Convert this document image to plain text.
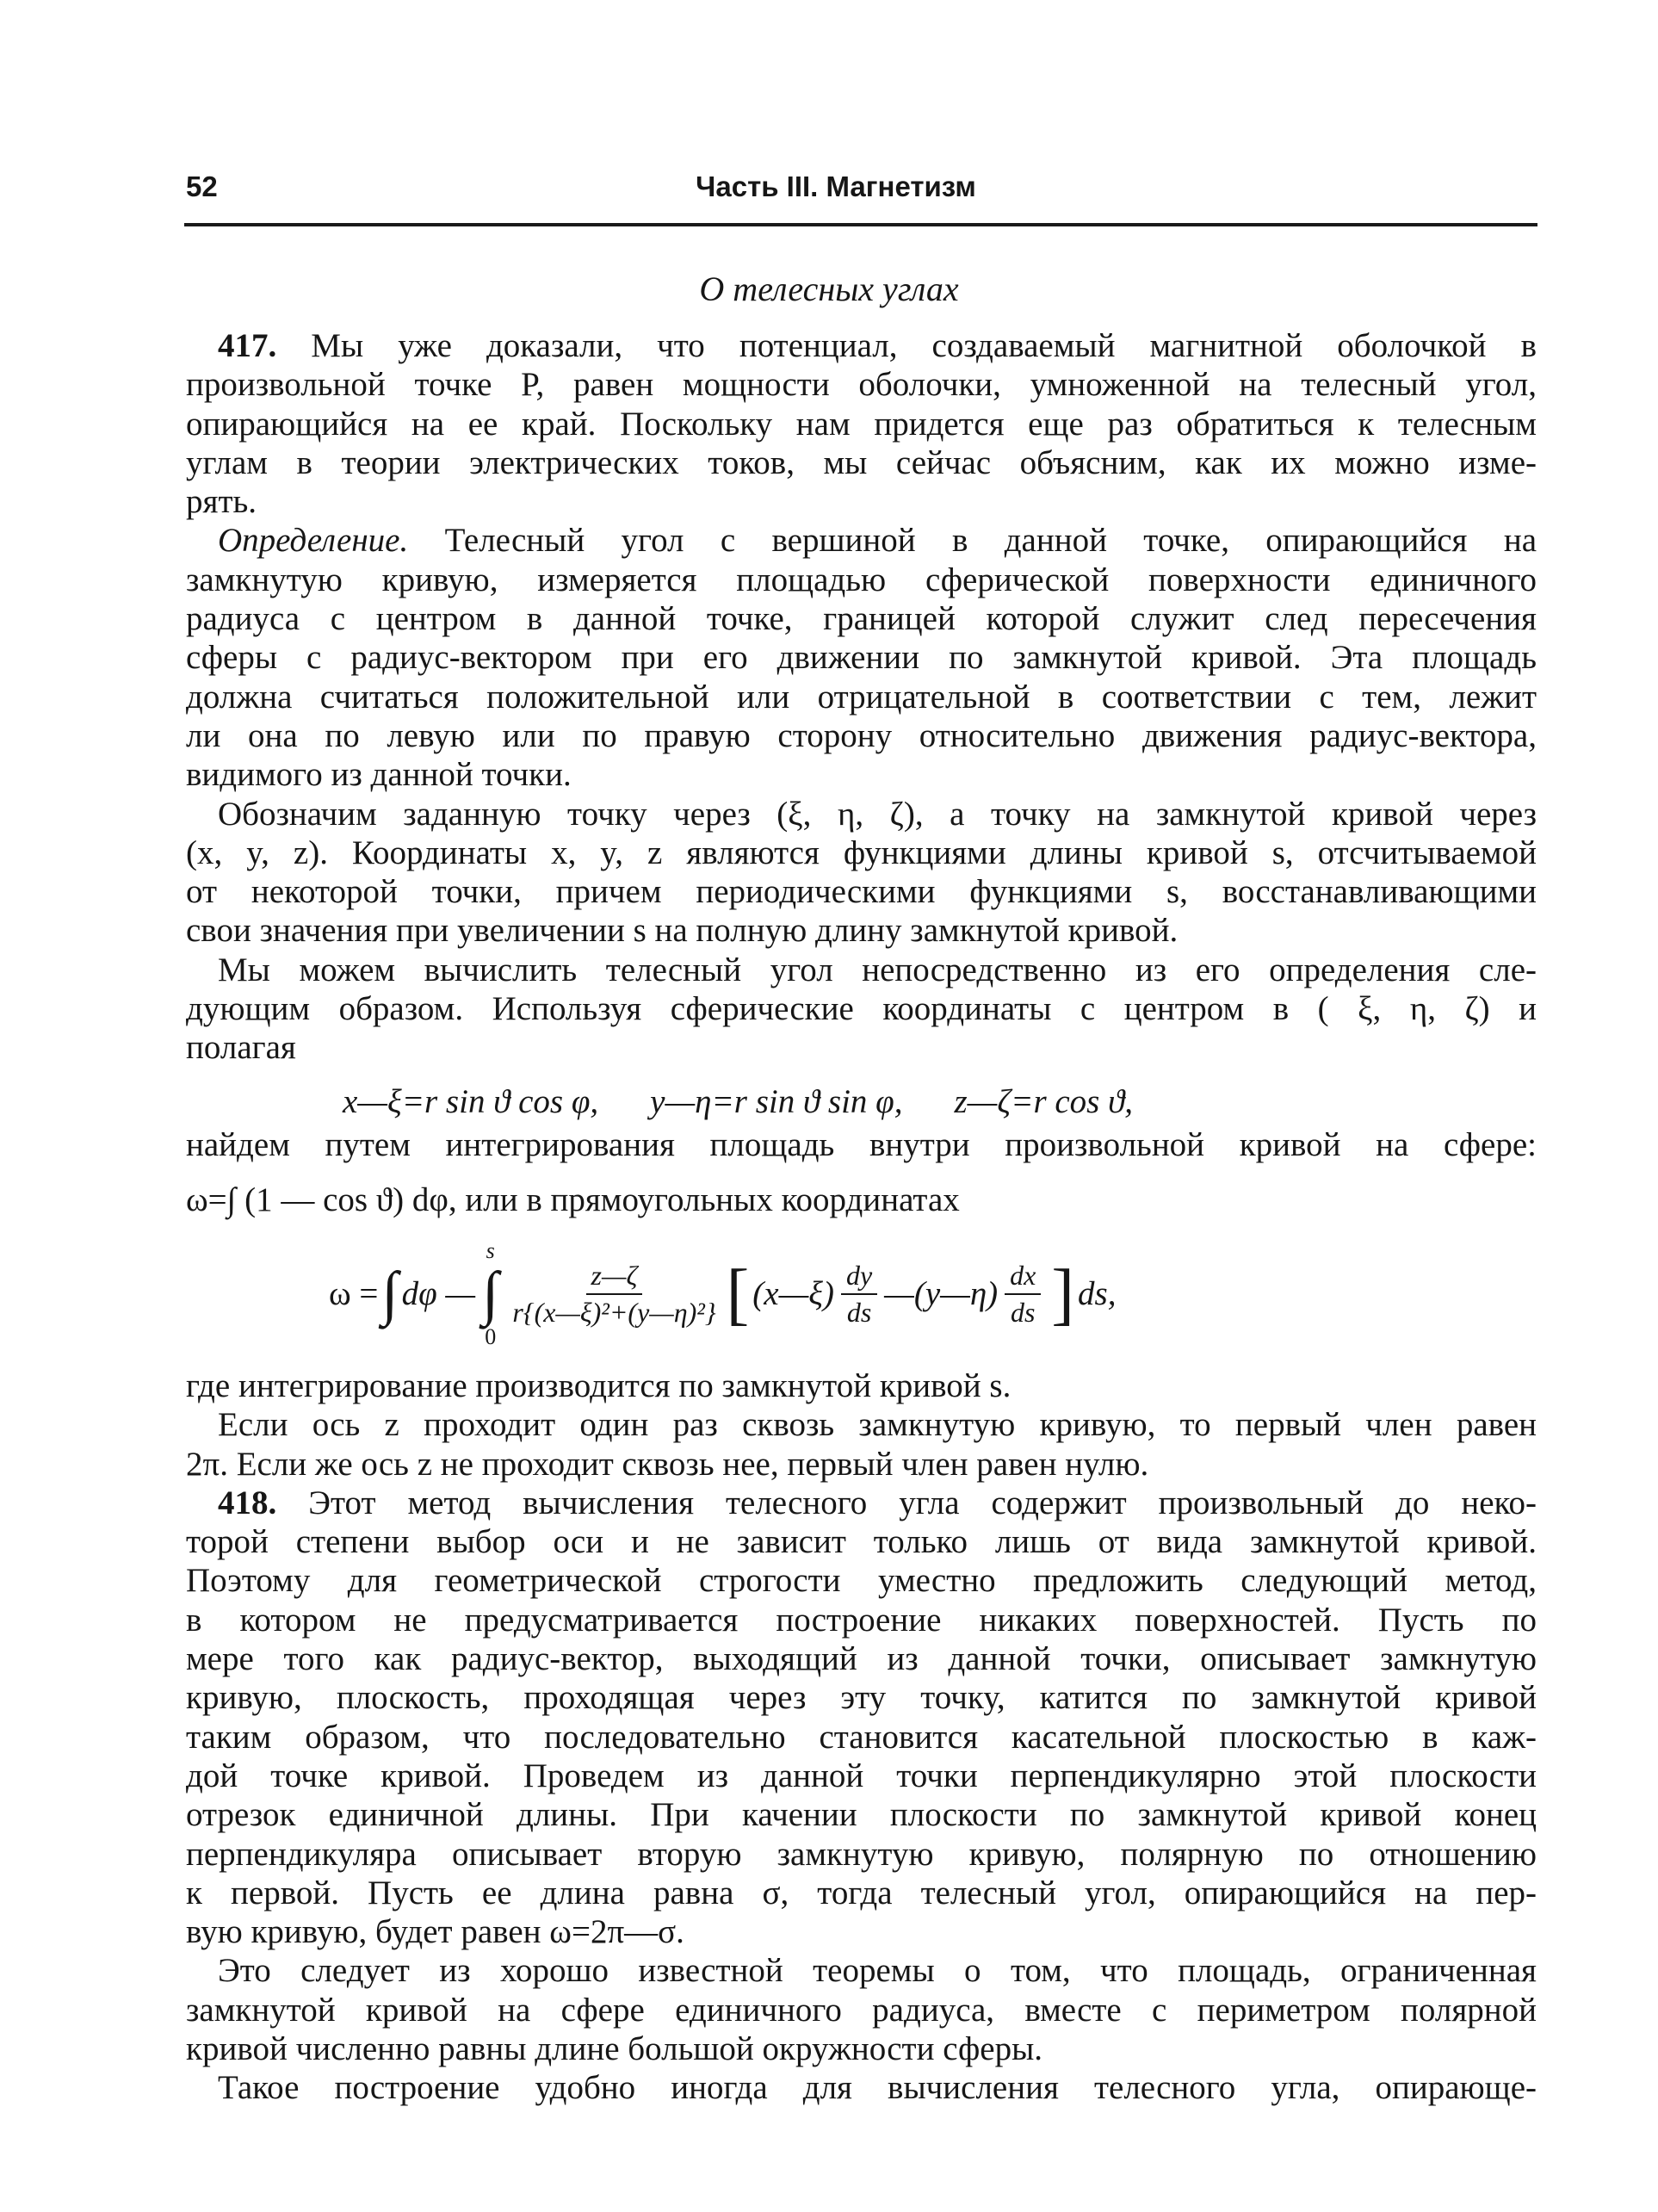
52	Часть III. Магнетизм
О телесных углах
417. Мы уже доказали, что потенциал, создаваемый магнитной оболочкой в
произвольной точке P, равен мощности оболочки, умноженной на телесный угол,
опирающийся на ее край. Поскольку нам придется еще раз обратиться к телесным
углам в теории электрических токов, мы сейчас объясним, как их можно изме-
рять.
Определение. Телесный угол с вершиной в данной точке, опирающийся на
замкнутую кривую, измеряется площадью сферической поверхности единичного
радиуса с центром в данной точке, границей которой служит след пересечения
сферы с радиус-вектором при его движении по замкнутой кривой. Эта площадь
должна считаться положительной или отрицательной в соответствии с тем, лежит
ли она по левую или по правую сторону относительно движения радиус-вектора,
видимого из данной точки.
Обозначим заданную точку через (ξ, η, ζ), а точку на замкнутой кривой через
(x, y, z). Координаты x, y, z являются функциями длины кривой s, отсчитываемой
от некоторой точки, причем периодическими функциями s, восстанавливающими
свои значения при увеличении s на полную длину замкнутой кривой.
Мы можем вычислить телесный угол непосредственно из его определения сле-
дующим образом. Используя сферические координаты с центром в ( ξ, η, ζ) и
полагая
x—ξ=r sin ϑ cos φ, y—η=r sin ϑ sin φ, z—ζ=r cos ϑ,
найдем путем интегрирования площадь внутри произвольной кривой на сфере:
ω=∫ (1 — cos ϑ) dφ, или в прямоугольных координатах
ω = ∫ dφ —
s
∫
0
$\frac{z—\zeta}{\text{r\{(x—ξ)²+(y—η)²\}}}$ [ (x—ξ) $\frac{dy}{ds}$ —(y—η) $\frac{dx}{ds}$ ] ds,
где интегрирование производится по замкнутой кривой s.
Если ось z проходит один раз сквозь замкнутую кривую, то первый член равен
2π. Если же ось z не проходит сквозь нее, первый член равен нулю.
418. Этот метод вычисления телесного угла содержит произвольный до неко-
торой степени выбор оси и не зависит только лишь от вида замкнутой кривой.
Поэтому для геометрической строгости уместно предложить следующий метод,
в котором не предусматривается построение никаких поверхностей. Пусть по
мере того как радиус-вектор, выходящий из данной точки, описывает замкнутую
кривую, плоскость, проходящая через эту точку, катится по замкнутой кривой
таким образом, что последовательно становится касательной плоскостью в каж-
дой точке кривой. Проведем из данной точки перпендикулярно этой плоскости
отрезок единичной длины. При качении плоскости по замкнутой кривой конец
перпендикуляра описывает вторую замкнутую кривую, полярную по отношению
к первой. Пусть ее длина равна σ, тогда телесный угол, опирающийся на пер-
вую кривую, будет равен ω=2π—σ.
Это следует из хорошо известной теоремы о том, что площадь, ограниченная
замкнутой кривой на сфере единичного радиуса, вместе с периметром полярной
кривой численно равны длине большой окружности сферы.
Такое построение удобно иногда для вычисления телесного угла, опирающе-
